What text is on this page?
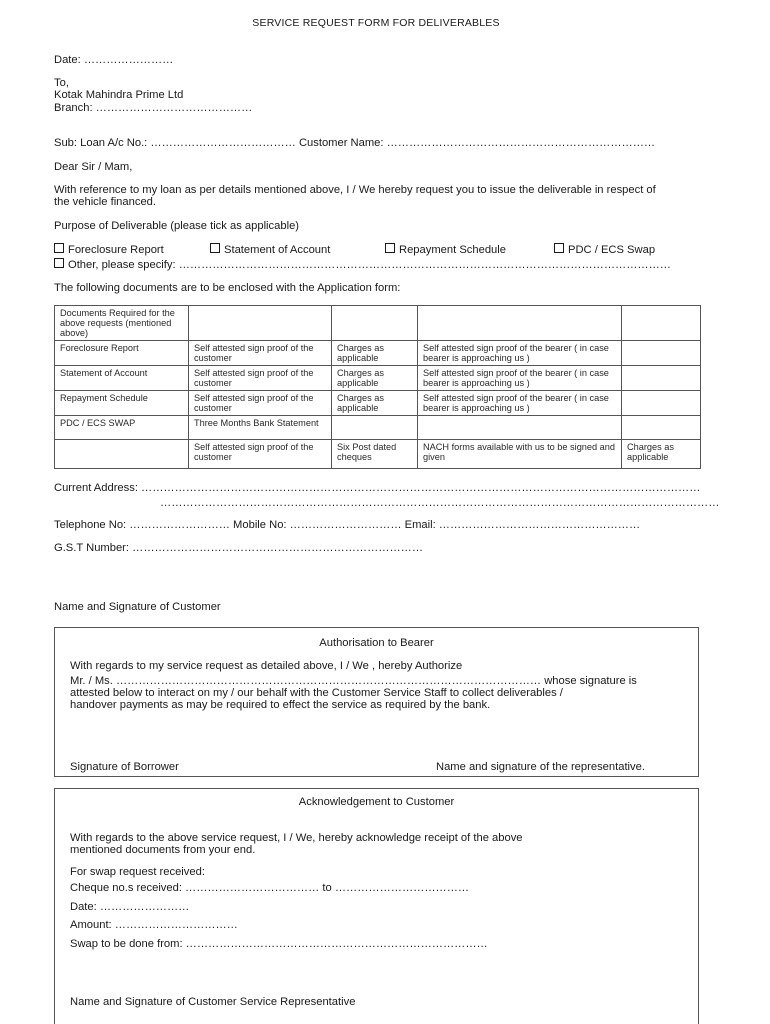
SERVICE REQUEST FORM FOR DELIVERABLES
Date: ……………………
To,
Kotak Mahindra Prime Ltd
Branch: ……………………………………
Sub: Loan A/c No.: ………………………………… Customer Name: ………………………………………………………………
Dear Sir / Mam,
With reference to my loan as per details mentioned above, I / We hereby request you to issue the deliverable in respect of the vehicle financed.
Purpose of Deliverable (please tick as applicable)
Foreclosure Report	Statement of Account	Repayment Schedule	PDC / ECS Swap
Other, please specify: ……………………………………………………………………………………………………………………
The following documents are to be enclosed with the Application form:
Documents Required for the above requests (mentioned above)				
Foreclosure Report	Self attested sign proof of the customer	Charges as applicable	Self attested sign proof of the bearer ( in case bearer is approaching us )	
Statement of Account	Self attested sign proof of the customer	Charges as applicable	Self attested sign proof of the bearer ( in case bearer is approaching us )	
Repayment Schedule	Self attested sign proof of the customer	Charges as applicable	Self attested sign proof of the bearer ( in case bearer is approaching us )	
PDC / ECS SWAP	Three Months Bank Statement			
	Self attested sign proof of the customer	Six Post dated cheques	NACH forms available with us to be signed and given	Charges as applicable
Current Address: ……………………………………………………………………………………………………………………………………
……………………………………………………………………………………………………………………………………
Telephone No: ……………………… Mobile No: ………………………… Email: ………………………………………………
G.S.T Number: ……………………………………………………………………
Name and Signature of Customer
Authorisation to Bearer
With regards to my service request as detailed above, I / We , hereby Authorize
Mr. / Ms. …………………………………………………………………………………………………… whose signature is
attested below to interact on my / our behalf with the Customer Service Staff to collect deliverables /
handover payments as may be required to effect the service as required by the bank.
Signature of Borrower	Name and signature of the representative.
Acknowledgement to Customer
With regards to the above service request, I / We, hereby acknowledge receipt of the above
mentioned documents from your end.
For swap request received:
Cheque no.s received: ……………………………… to ………………………………
Date: ……………………
Amount: ……………………………
Swap to be done from: ………………………………………………………………………
Name and Signature of Customer Service Representative
